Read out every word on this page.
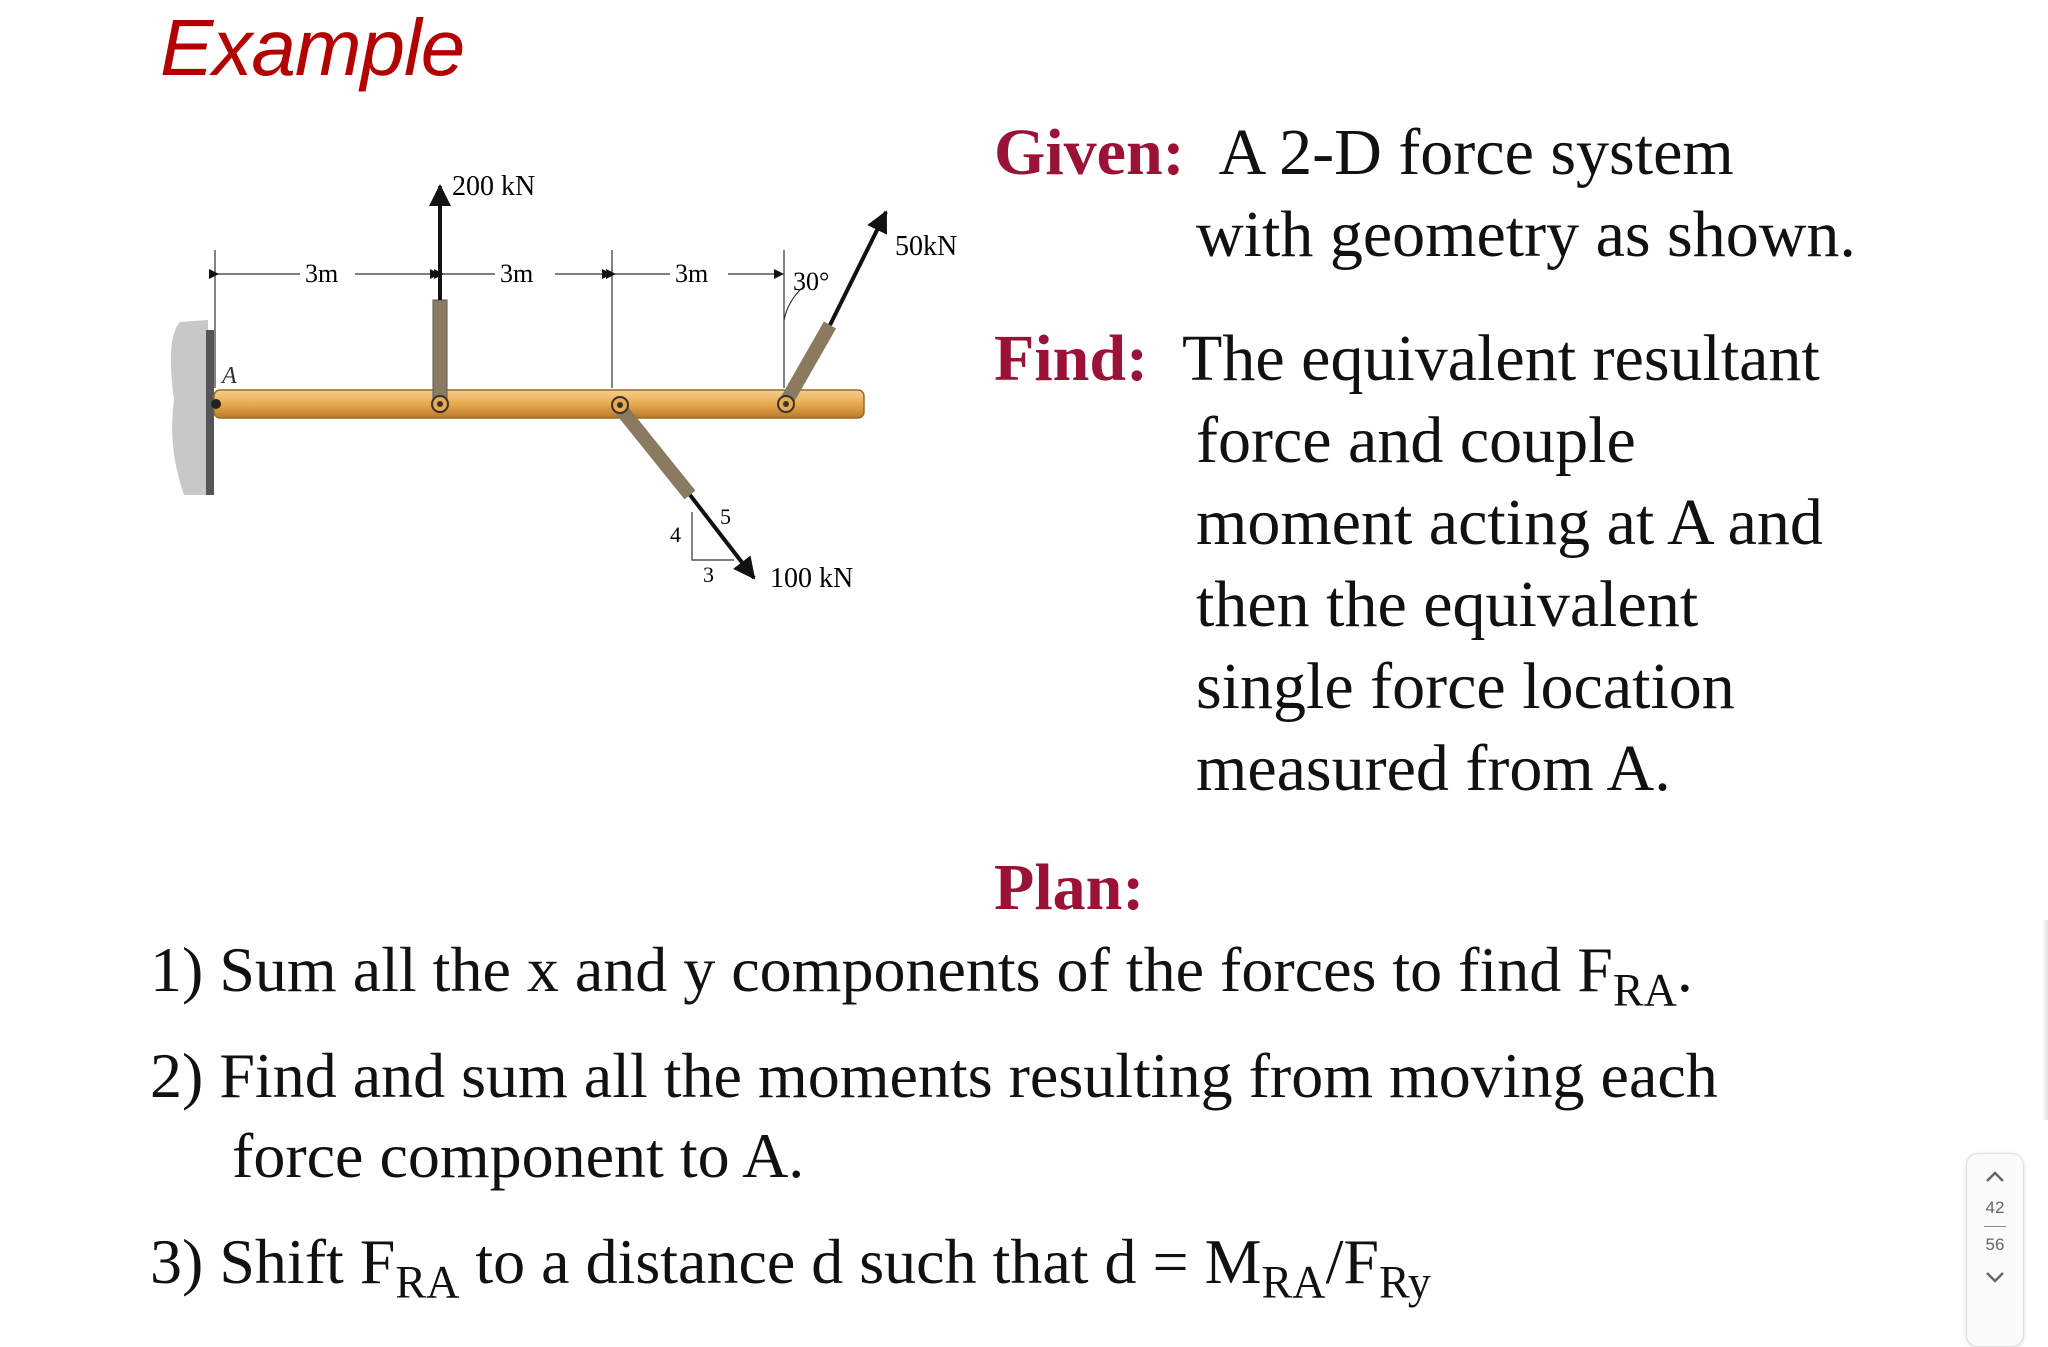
Example
A
3m	3m	3m
200 kN
100 kN
4
3
5
50kN
30°
Given: A 2-D force system
with geometry as shown.
Find: The equivalent resultant
force and couple
moment acting at A and
then the equivalent
single force location
measured from A.
Plan:
1) Sum all the x and y components of the forces to find $F_{RA}$.
2) Find and sum all the moments resulting from moving each
force component to A.
3) Shift $F_{RA}$ to a distance d such that $d = M_{RA}/F_{Ry}$
42
56
